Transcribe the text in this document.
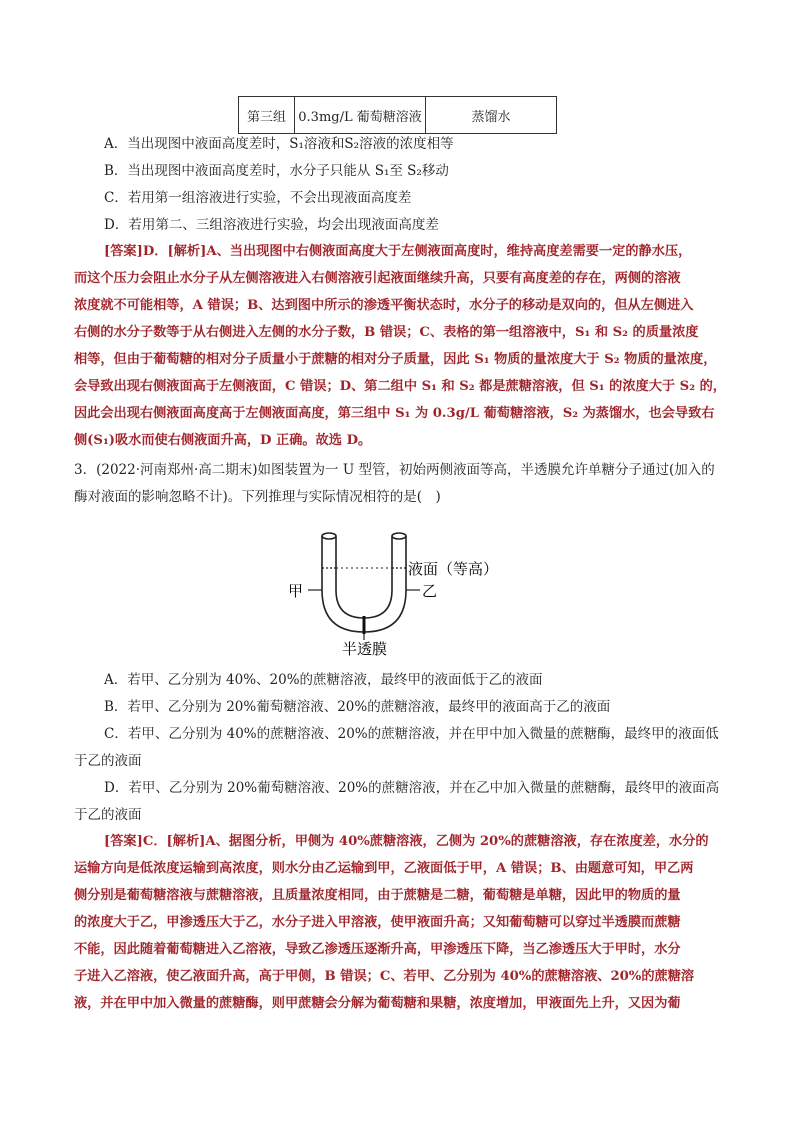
第三组	0.3mg/L 葡萄糖溶液	蒸馏水
A．当出现图中液面高度差时，S₁溶液和S₂溶液的浓度相等
B．当出现图中液面高度差时，水分子只能从 S₁至 S₂移动
C．若用第一组溶液进行实验，不会出现液面高度差
D．若用第二、三组溶液进行实验，均会出现液面高度差
[答案]D．[解析]A、当出现图中右侧液面高度大于左侧液面高度时，维持高度差需要一定的静水压，
而这个压力会阻止水分子从左侧溶液进入右侧溶液引起液面继续升高，只要有高度差的存在，两侧的溶液
浓度就不可能相等，A 错误；B、达到图中所示的渗透平衡状态时，水分子的移动是双向的，但从左侧进入
右侧的水分子数等于从右侧进入左侧的水分子数，B 错误；C、表格的第一组溶液中，S₁ 和 S₂ 的质量浓度
相等，但由于葡萄糖的相对分子质量小于蔗糖的相对分子质量，因此 S₁ 物质的量浓度大于 S₂ 物质的量浓度，
会导致出现右侧液面高于左侧液面，C 错误；D、第二组中 S₁ 和 S₂ 都是蔗糖溶液，但 S₁ 的浓度大于 S₂ 的，
因此会出现右侧液面高度高于左侧液面高度，第三组中 S₁ 为 0.3g/L 葡萄糖溶液，S₂ 为蒸馏水，也会导致右
侧(S₁)吸水而使右侧液面升高，D 正确。故选 D。
3．(2022·河南郑州·高二期末)如图装置为一 U 型管，初始两侧液面等高，半透膜允许单糖分子通过(加入的
酶对液面的影响忽略不计)。下列推理与实际情况相符的是(　)
甲	乙
液面（等高）
半透膜
A．若甲、乙分别为 40%、20%的蔗糖溶液，最终甲的液面低于乙的液面
B．若甲、乙分别为 20%葡萄糖溶液、20%的蔗糖溶液，最终甲的液面高于乙的液面
C．若甲、乙分别为 40%的蔗糖溶液、20%的蔗糖溶液，并在甲中加入微量的蔗糖酶，最终甲的液面低
于乙的液面
D．若甲、乙分别为 20%葡萄糖溶液、20%的蔗糖溶液，并在乙中加入微量的蔗糖酶，最终甲的液面高
于乙的液面
[答案]C．[解析]A、据图分析，甲侧为 40%蔗糖溶液，乙侧为 20%的蔗糖溶液，存在浓度差，水分的
运输方向是低浓度运输到高浓度，则水分由乙运输到甲，乙液面低于甲，A 错误；B、由题意可知，甲乙两
侧分别是葡萄糖溶液与蔗糖溶液，且质量浓度相同，由于蔗糖是二糖，葡萄糖是单糖，因此甲的物质的量
的浓度大于乙，甲渗透压大于乙，水分子进入甲溶液，使甲液面升高；又知葡萄糖可以穿过半透膜而蔗糖
不能，因此随着葡萄糖进入乙溶液，导致乙渗透压逐渐升高，甲渗透压下降，当乙渗透压大于甲时，水分
子进入乙溶液，使乙液面升高，高于甲侧，B 错误；C、若甲、乙分别为 40%的蔗糖溶液、20%的蔗糖溶
液，并在甲中加入微量的蔗糖酶，则甲蔗糖会分解为葡萄糖和果糖，浓度增加，甲液面先上升，又因为葡
